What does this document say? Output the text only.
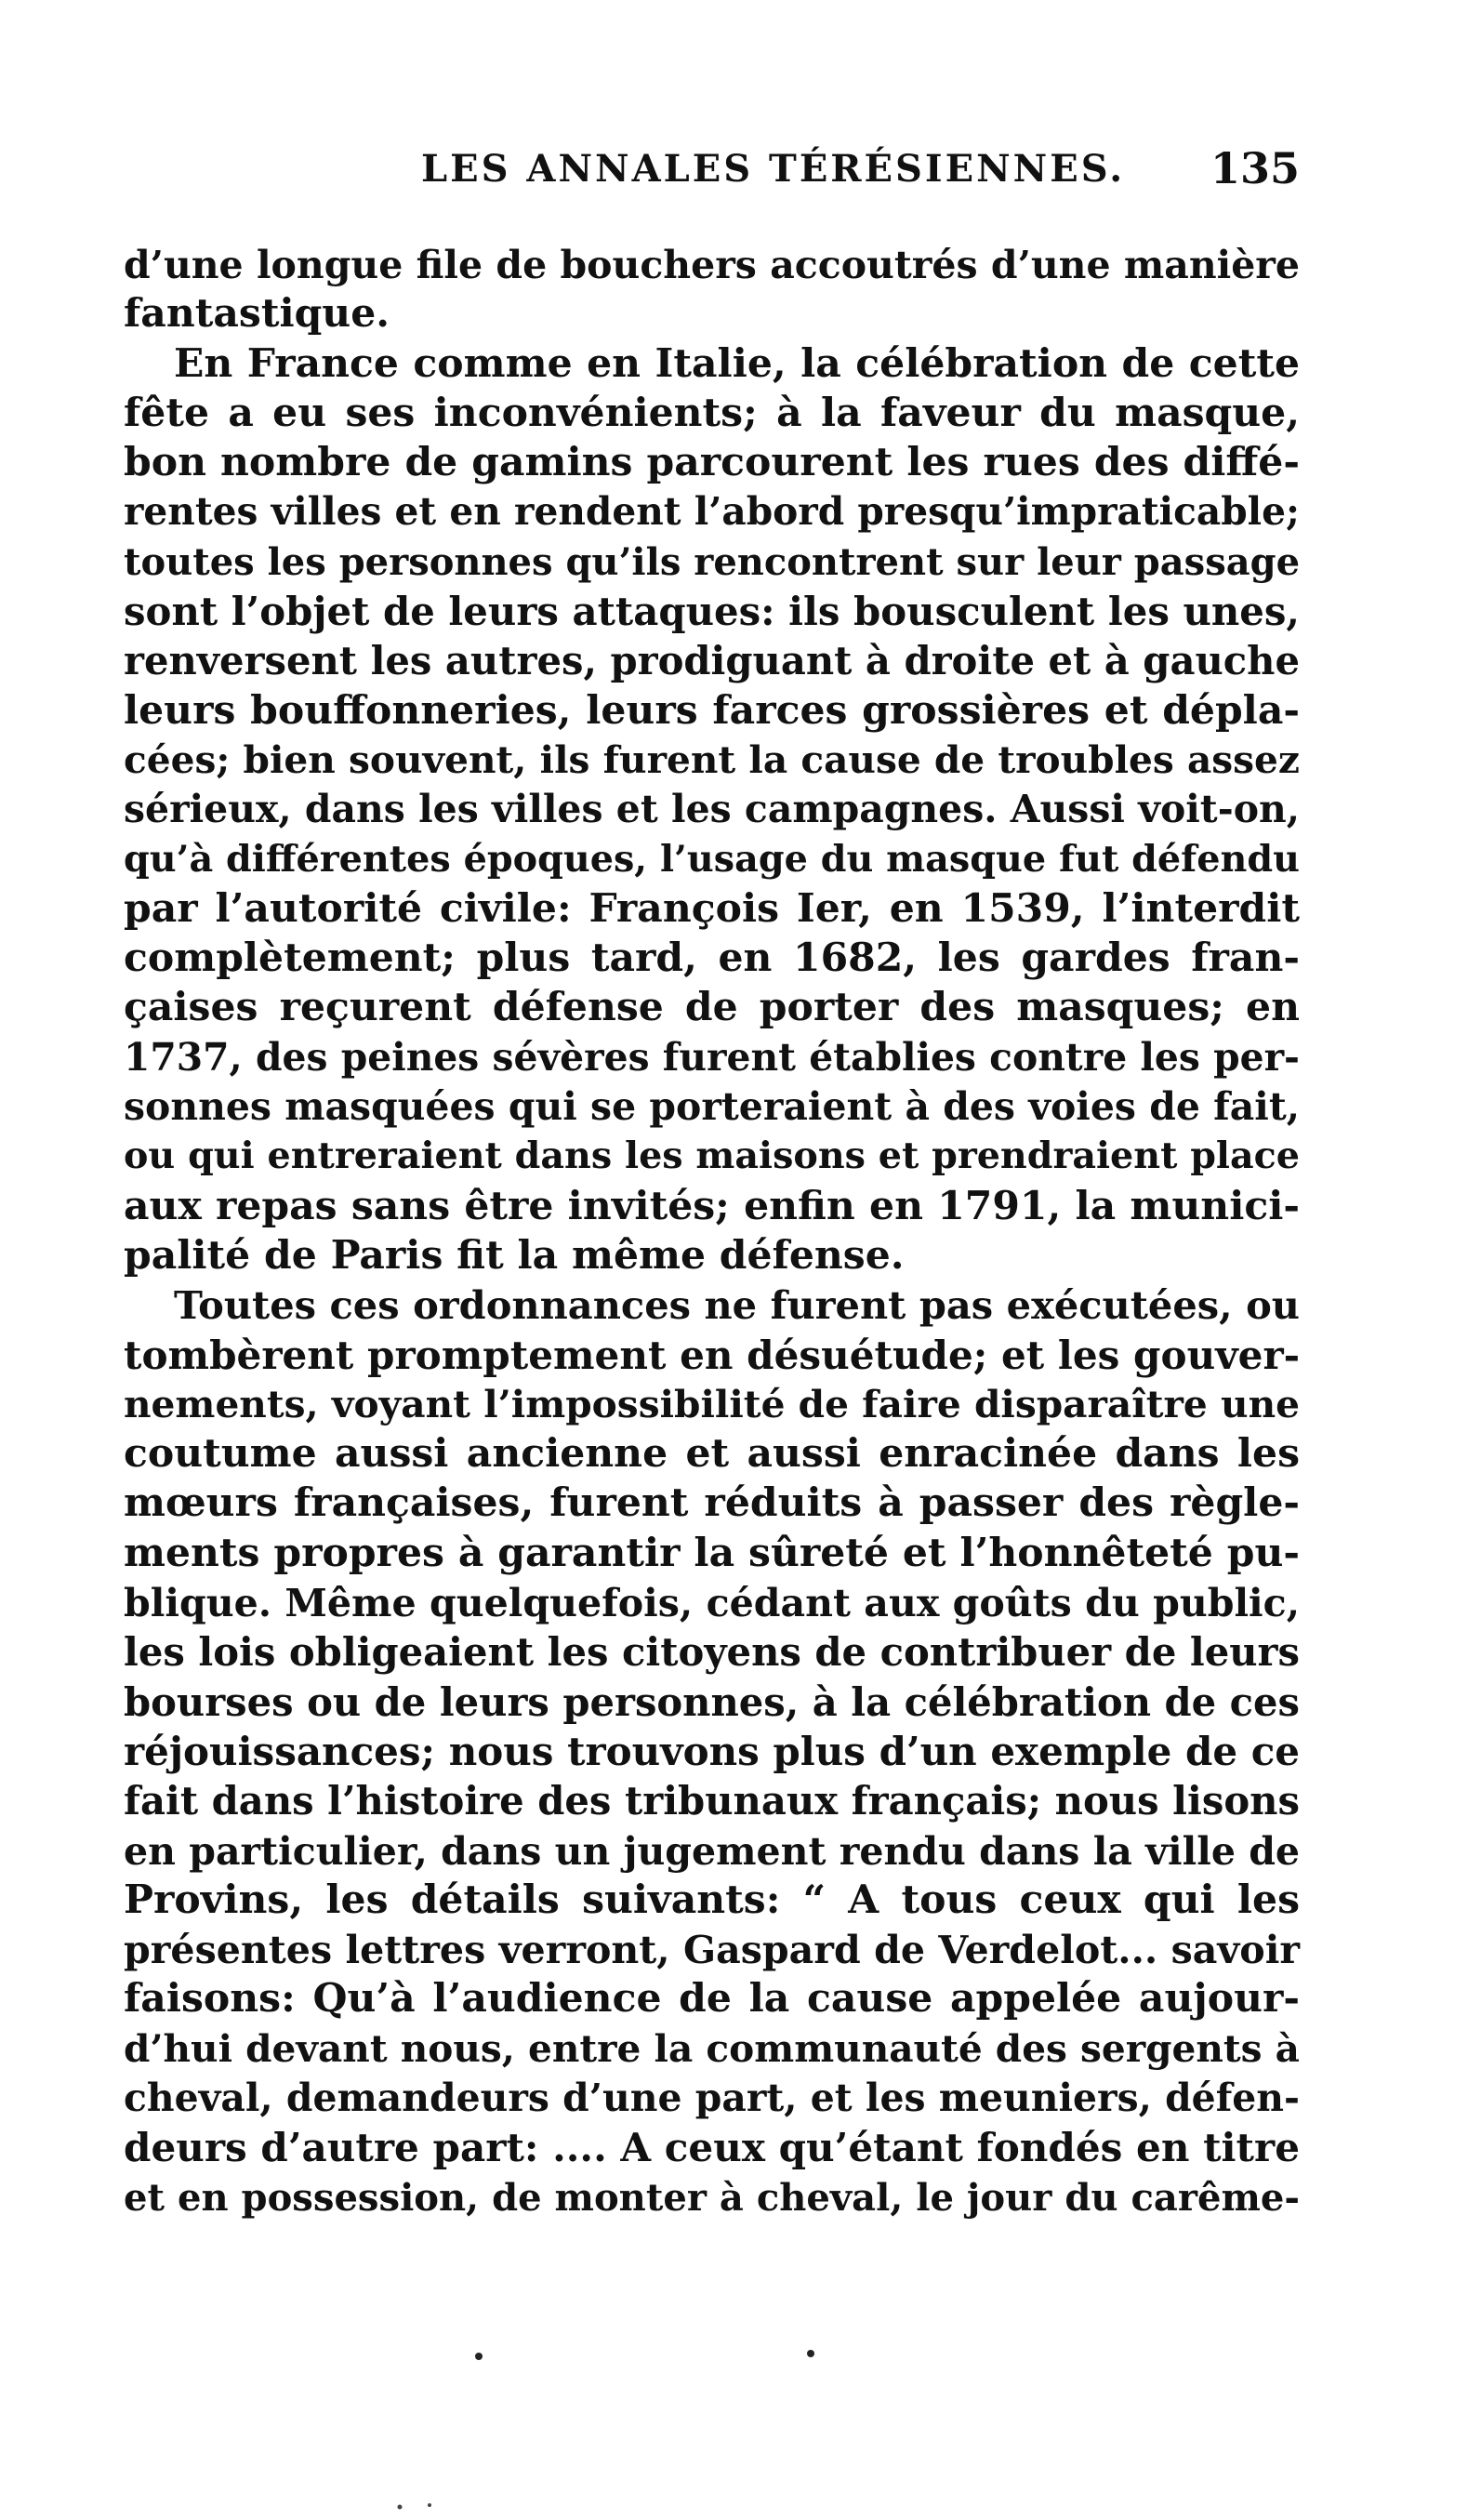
LES ANNALES TÉRÉSIENNES. 135
d’une longue file de bouchers accoutrés d’une manière
fantastique.
En France comme en Italie, la célébration de cette
fête a eu ses inconvénients; à la faveur du masque,
bon nombre de gamins parcourent les rues des diffé-
rentes villes et en rendent l’abord presqu’impraticable;
toutes les personnes qu’ils rencontrent sur leur passage
sont l’objet de leurs attaques: ils bousculent les unes,
renversent les autres, prodiguant à droite et à gauche
leurs bouffonneries, leurs farces grossières et dépla-
cées; bien souvent, ils furent la cause de troubles assez
sérieux, dans les villes et les campagnes. Aussi voit-on,
qu’à différentes époques, l’usage du masque fut défendu
par l’autorité civile: François Ier, en 1539, l’interdit
complètement; plus tard, en 1682, les gardes fran-
çaises reçurent défense de porter des masques; en
1737, des peines sévères furent établies contre les per-
sonnes masquées qui se porteraient à des voies de fait,
ou qui entreraient dans les maisons et prendraient place
aux repas sans être invités; enfin en 1791, la munici-
palité de Paris fit la même défense.
Toutes ces ordonnances ne furent pas exécutées, ou
tombèrent promptement en désuétude; et les gouver-
nements, voyant l’impossibilité de faire disparaître une
coutume aussi ancienne et aussi enracinée dans les
mœurs françaises, furent réduits à passer des règle-
ments propres à garantir la sûreté et l’honnêteté pu-
blique. Même quelquefois, cédant aux goûts du public,
les lois obligeaient les citoyens de contribuer de leurs
bourses ou de leurs personnes, à la célébration de ces
réjouissances; nous trouvons plus d’un exemple de ce
fait dans l’histoire des tribunaux français; nous lisons
en particulier, dans un jugement rendu dans la ville de
Provins, les détails suivants: “ A tous ceux qui les
présentes lettres verront, Gaspard de Verdelot... savoir
faisons: Qu’à l’audience de la cause appelée aujour-
d’hui devant nous, entre la communauté des sergents à
cheval, demandeurs d’une part, et les meuniers, défen-
deurs d’autre part: .... A ceux qu’étant fondés en titre
et en possession, de monter à cheval, le jour du carême-
